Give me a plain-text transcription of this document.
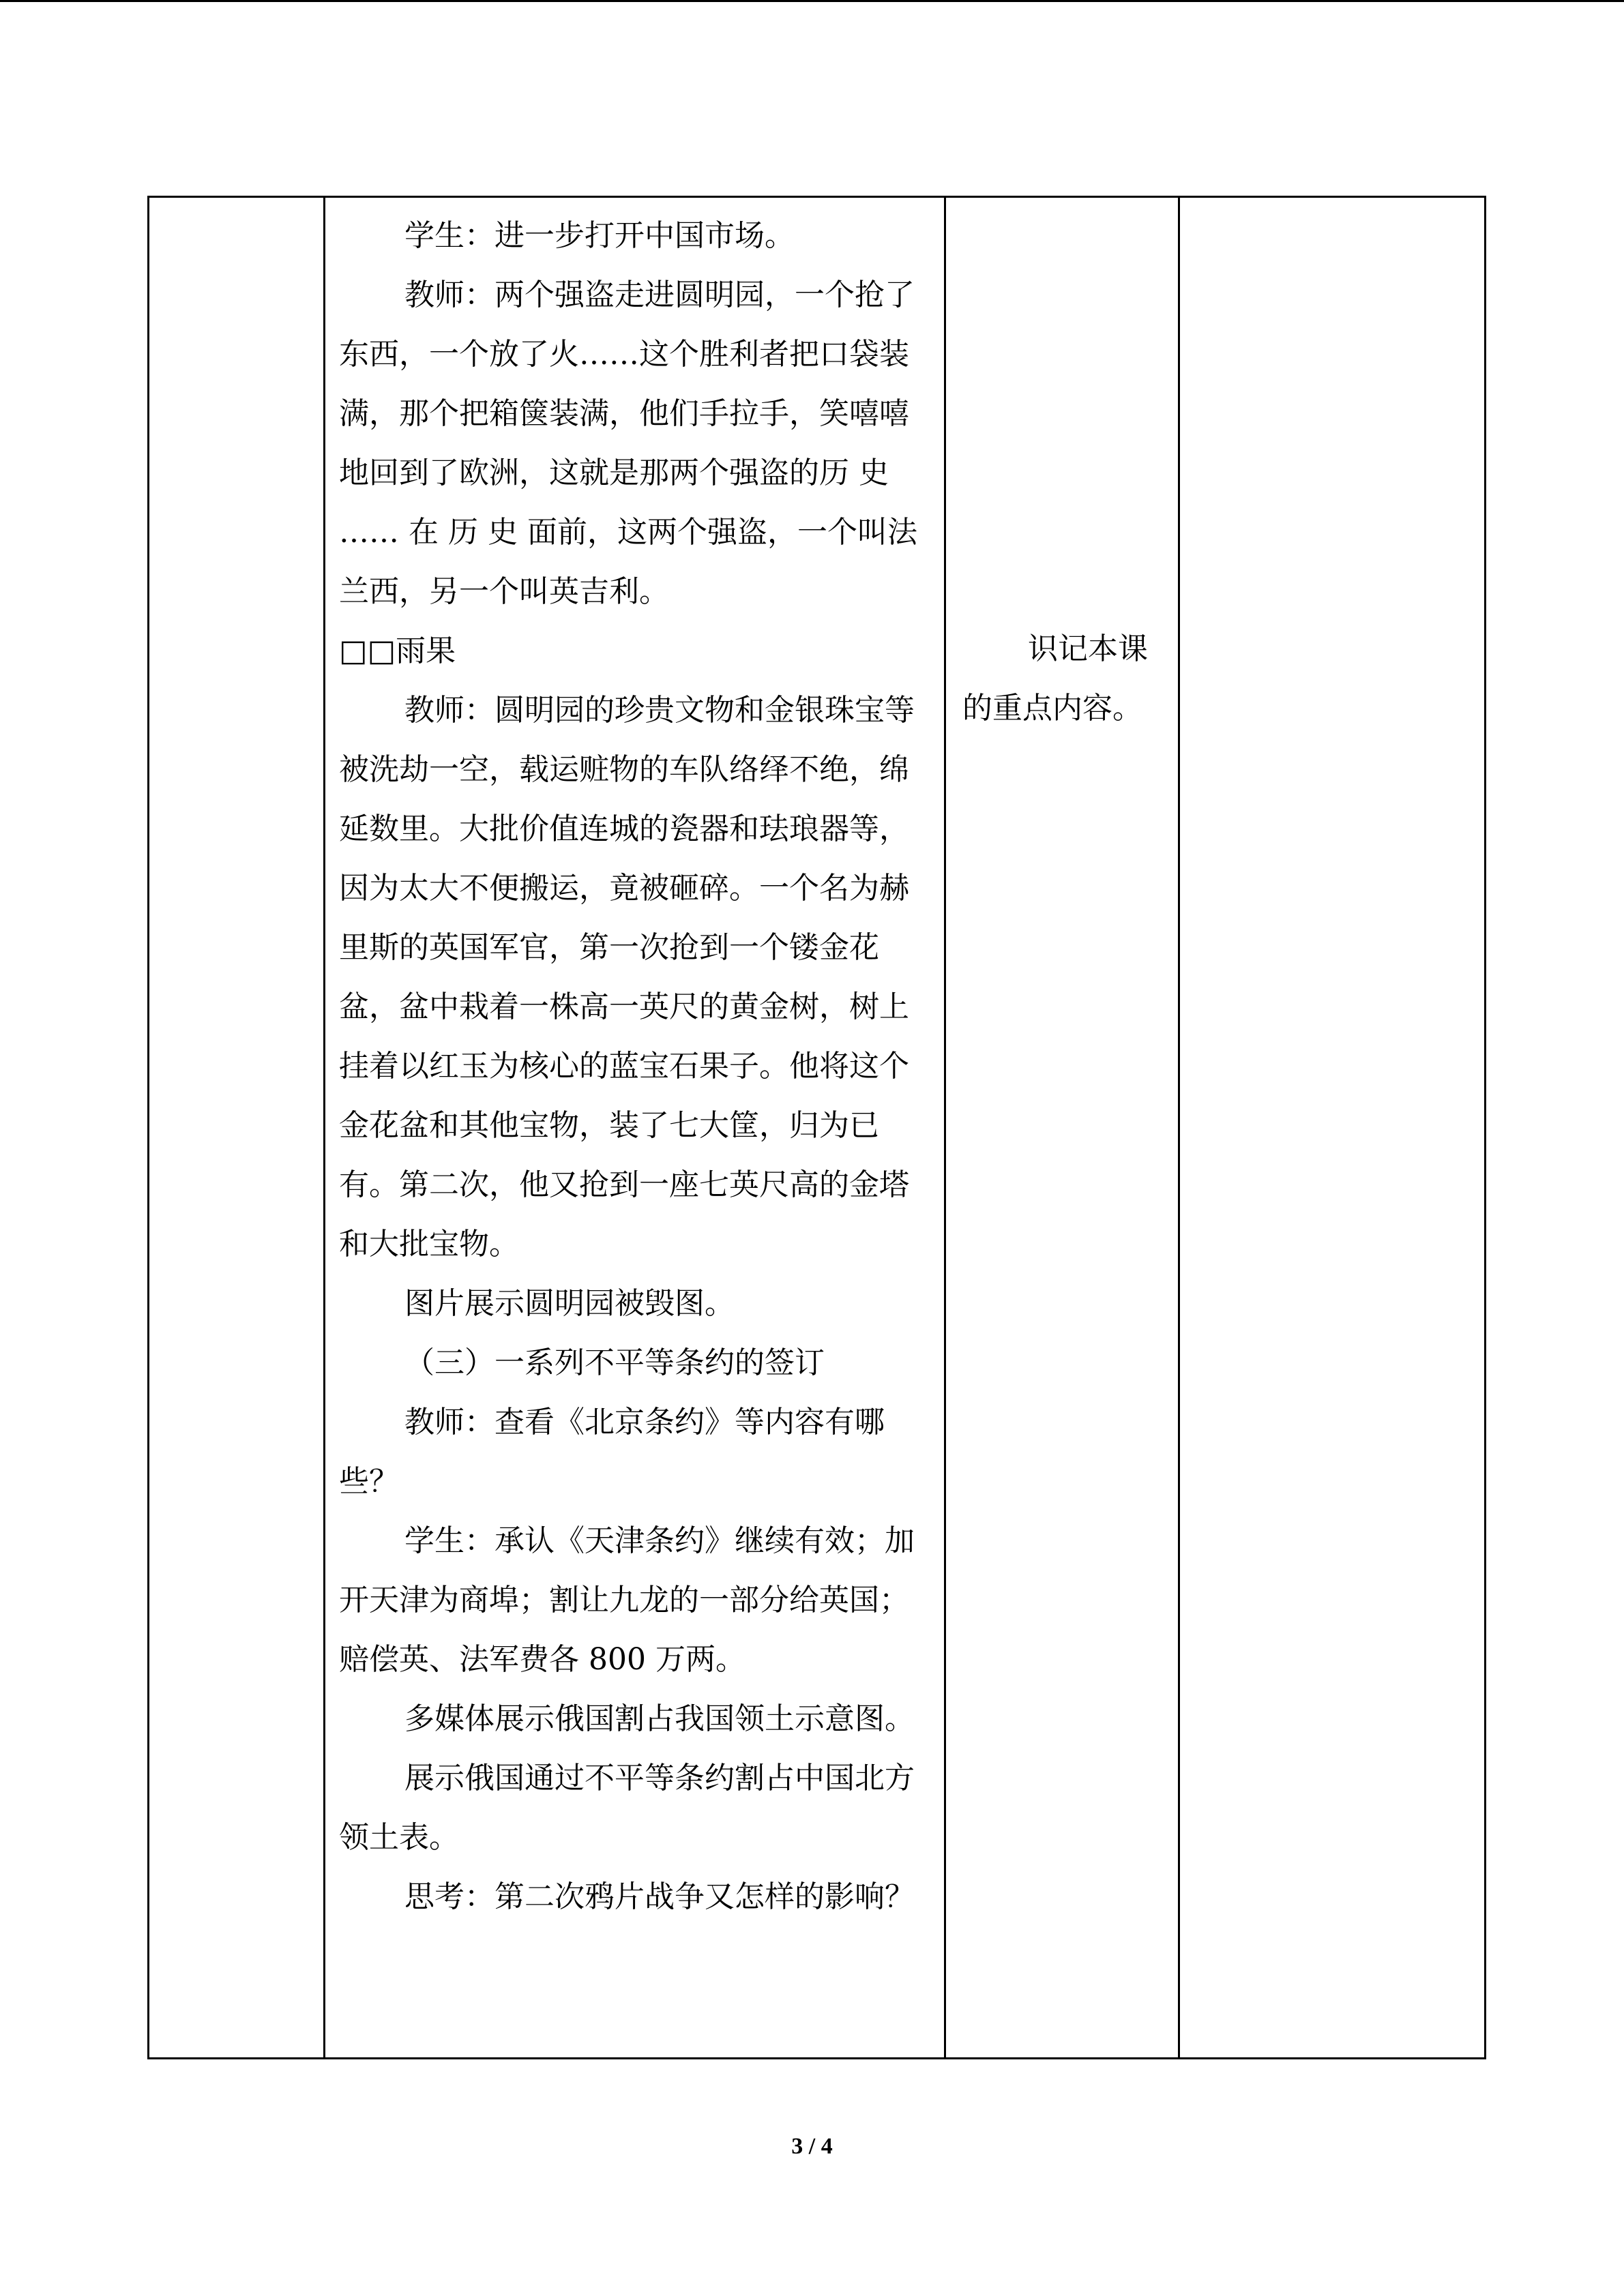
学生：进一步打开中国市场。

教师：两个强盗走进圆明园，一个抢了东西，一个放了火……这个胜利者把口袋装满，那个把箱箧装满，他们手拉手，笑嘻嘻地回到了欧洲，这就是那两个强盗的历 史 …… 在 历 史 面前，这两个强盗，一个叫法兰西，另一个叫英吉利。

□□雨果

教师：圆明园的珍贵文物和金银珠宝等被洗劫一空，载运赃物的车队络绎不绝，绵延数里。大批价值连城的瓷器和珐琅器等，因为太大不便搬运，竟被砸碎。一个名为赫里斯的英国军官，第一次抢到一个镂金花盆，盆中栽着一株高一英尺的黄金树，树上挂着以红玉为核心的蓝宝石果子。他将这个金花盆和其他宝物，装了七大筐，归为已有。第二次，他又抢到一座七英尺高的金塔和大批宝物。

图片展示圆明园被毁图。

（三）一系列不平等条约的签订

教师：查看《北京条约》等内容有哪些？

学生：承认《天津条约》继续有效；加开天津为商埠；割让九龙的一部分给英国；赔偿英、法军费各 800 万两。

多媒体展示俄国割占我国领土示意图。

展示俄国通过不平等条约割占中国北方领土表。

思考：第二次鸦片战争又怎样的影响？

识记本课的重点内容。

3 / 4
